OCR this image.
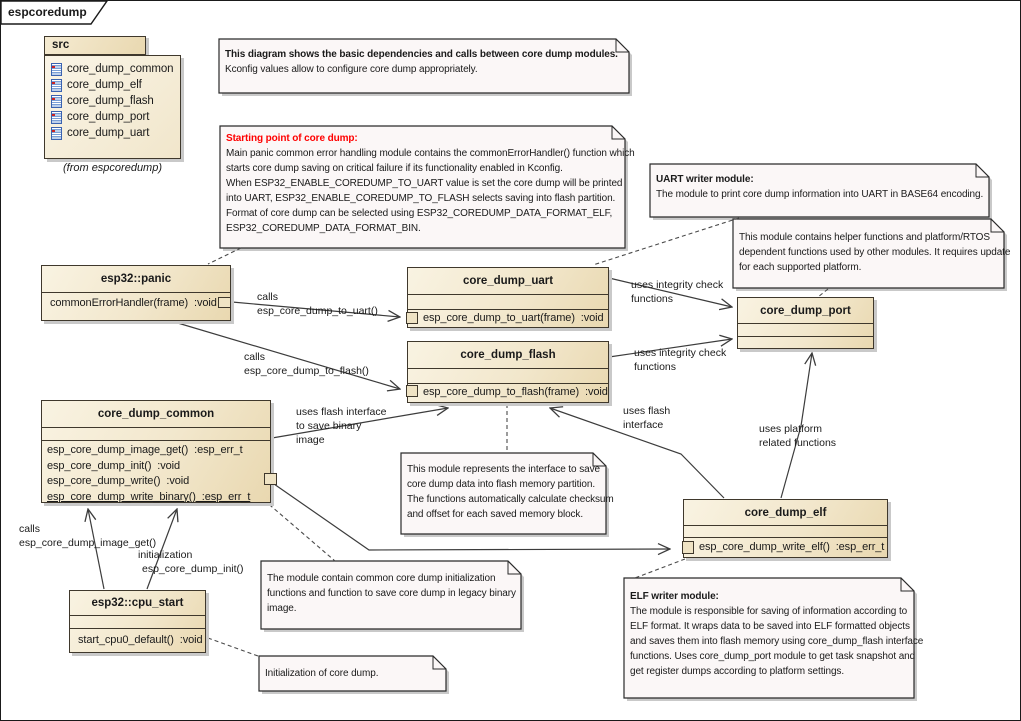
espcoredump
src
core_dump_common
core_dump_elf
core_dump_flash
core_dump_port
core_dump_uart
(from espcoredump)
esp32::panic
commonErrorHandler(frame)  :void
core_dump_uart
esp_core_dump_to_uart(frame)  :void
core_dump_flash
esp_core_dump_to_flash(frame)  :void
core_dump_port
core_dump_common
esp_core_dump_image_get()  :esp_err_t
esp_core_dump_init()  :void
esp_core_dump_write()  :void
esp_core_dump_write_binary()  :esp_err_t
core_dump_elf
esp_core_dump_write_elf()  :esp_err_t
esp32::cpu_start
start_cpu0_default()  :void
This diagram shows the basic dependencies and calls between core dump modules.
Kconfig values allow to configure core dump appropriately.
Starting point of core dump:
Main panic common error handling module contains the commonErrorHandler() function which
starts core dump saving on critical failure if its functionality enabled in Kconfig.
When ESP32_ENABLE_COREDUMP_TO_UART value is set the core dump will be printed
into UART, ESP32_ENABLE_COREDUMP_TO_FLASH selects saving into flash partition.
Format of core dump can be selected using ESP32_COREDUMP_DATA_FORMAT_ELF,
ESP32_COREDUMP_DATA_FORMAT_BIN.
UART writer module:
The module to print core dump information into UART in BASE64 encoding.
This module contains helper functions and platform/RTOS
dependent functions used by other modules. It requires update
for each supported platform.
This module represents the interface to save
core dump data into flash memory partition.
The functions automatically calculate checksum
and offset for each saved memory block.
The module contain common core dump initialization
functions and function to save core dump in legacy binary
image.
Initialization of core dump.
ELF writer module:
The module is responsible for saving of information according to
ELF format. It wraps data to be saved into ELF formatted objects
and saves them into flash memory using core_dump_flash interface
functions. Uses core_dump_port module to get task snapshot and
get register dumps according to platform settings.
calls
esp_core_dump_to_uart()
calls
esp_core_dump_to_flash()
uses integrity check
functions
uses integrity check
functions
uses flash interface
to save binary
image
uses flash
interface	uses platform
related functions
calls
esp_core_dump_image_get()
initialization
esp_core_dump_init()
